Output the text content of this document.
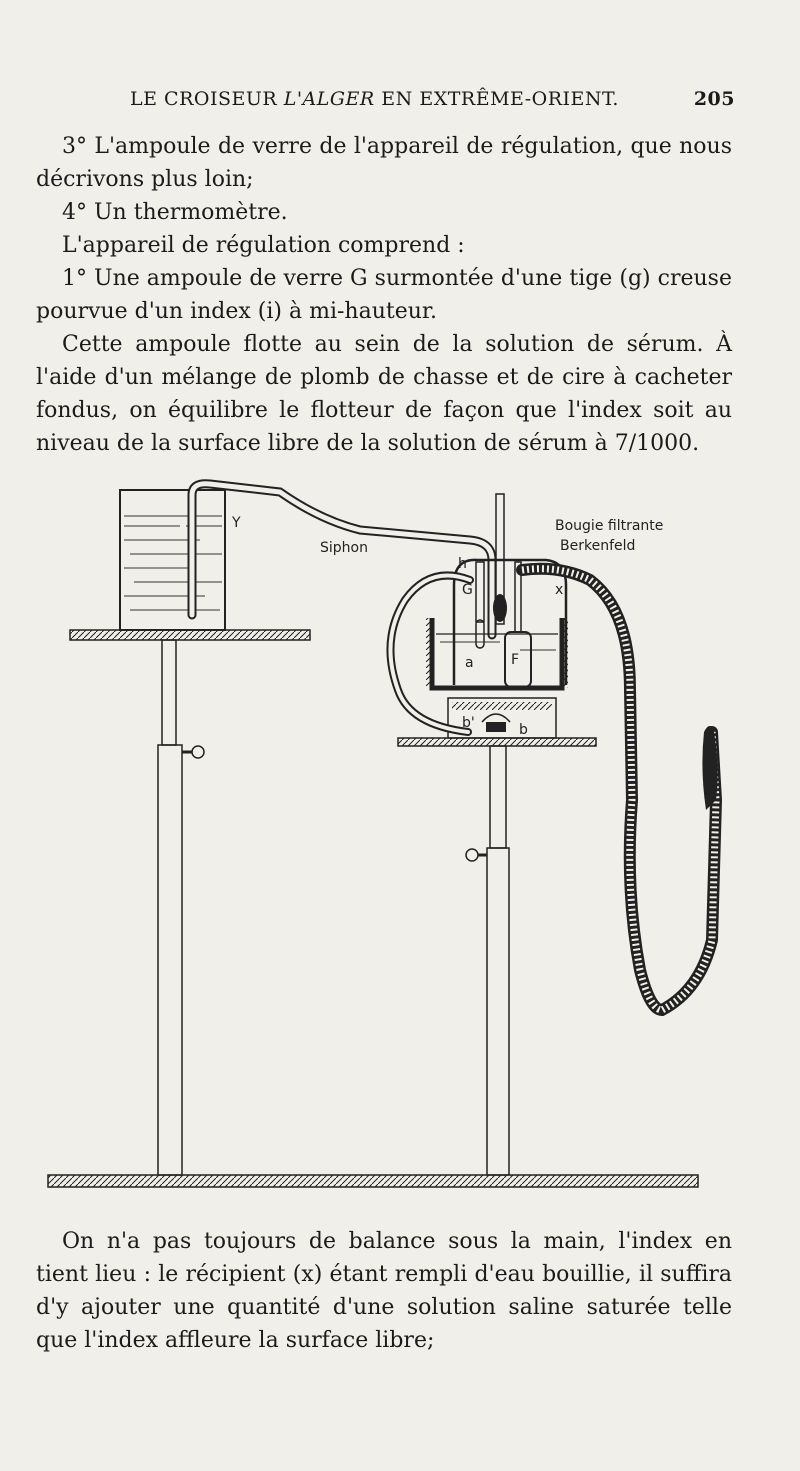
LE CROISEUR L'ALGER EN EXTRÊME-ORIENT.	205

3° L'ampoule de verre de l'appareil de régulation, que nous décrivons plus loin;

4° Un thermomètre.

L'appareil de régulation comprend :

1° Une ampoule de verre G surmontée d'une tige (g) creuse pourvue d'un index (i) à mi-hauteur.

Cette ampoule flotte au sein de la solution de sérum. À l'aide d'un mélange de plomb de chasse et de cire à cacheter fondus, on équilibre le flotteur de façon que l'index soit au niveau de la surface libre de la solution de sérum à 7/1000.

Y
Siphon
Bougie filtrante
Berkenfeld
h
G	x
a	F
b'	b

On n'a pas toujours de balance sous la main, l'index en tient lieu : le récipient (x) étant rempli d'eau bouillie, il suffira d'y ajouter une quantité d'une solution saline saturée telle que l'index affleure la surface libre;
